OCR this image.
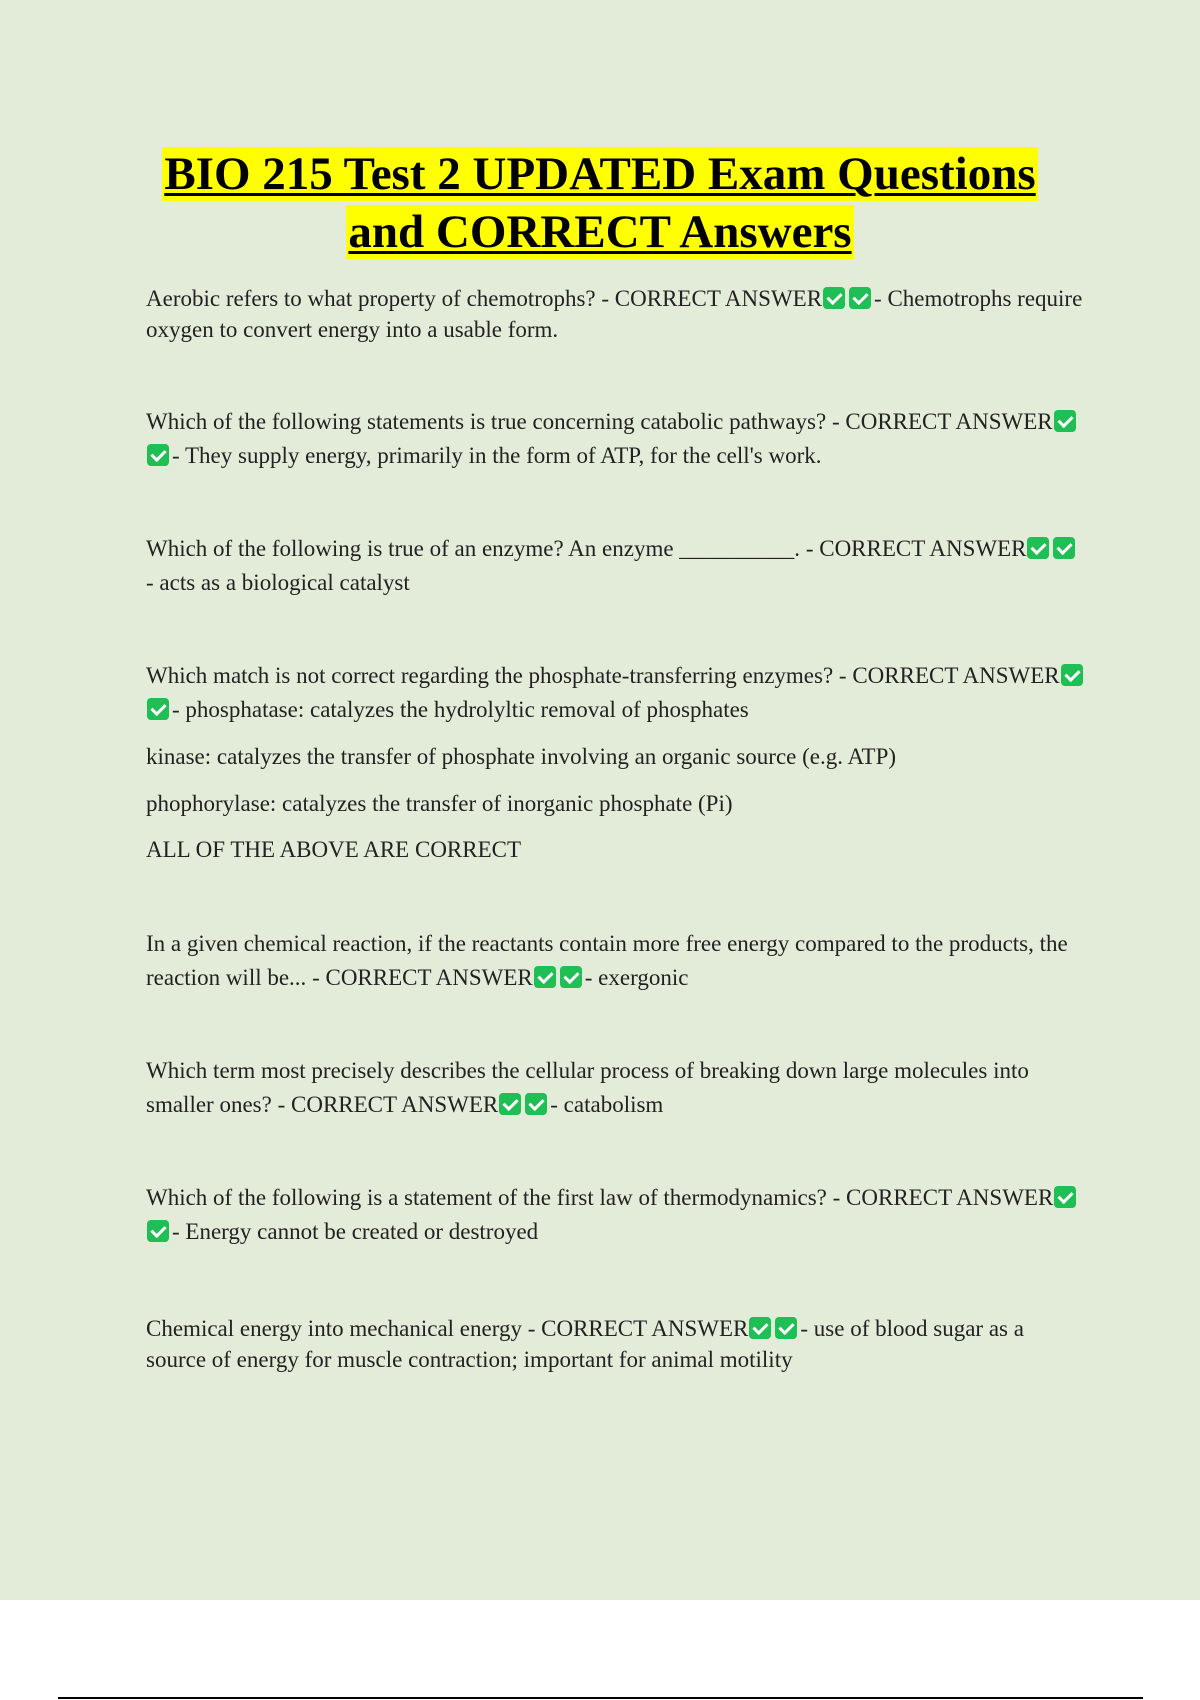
BIO 215 Test 2 UPDATED Exam Questions
and CORRECT Answers
Aerobic refers to what property of chemotrophs? - CORRECT ANSWER - Chemotrophs require oxygen to convert energy into a usable form.
Which of the following statements is true concerning catabolic pathways? - CORRECT ANSWER- They supply energy, primarily in the form of ATP, for the cell's work.
Which of the following is true of an enzyme? An enzyme __________. - CORRECT ANSWER- acts as a biological catalyst
Which match is not correct regarding the phosphate-transferring enzymes? - CORRECT ANSWER- phosphatase: catalyzes the hydrolyltic removal of phosphates
kinase: catalyzes the transfer of phosphate involving an organic source (e.g. ATP)
phophorylase: catalyzes the transfer of inorganic phosphate (Pi)
ALL OF THE ABOVE ARE CORRECT
In a given chemical reaction, if the reactants contain more free energy compared to the products, the reaction will be... - CORRECT ANSWER - exergonic
Which term most precisely describes the cellular process of breaking down large molecules into smaller ones? - CORRECT ANSWER - catabolism
Which of the following is a statement of the first law of thermodynamics? - CORRECT ANSWER- Energy cannot be created or destroyed
Chemical energy into mechanical energy - CORRECT ANSWER - use of blood sugar as a source of energy for muscle contraction; important for animal motility
